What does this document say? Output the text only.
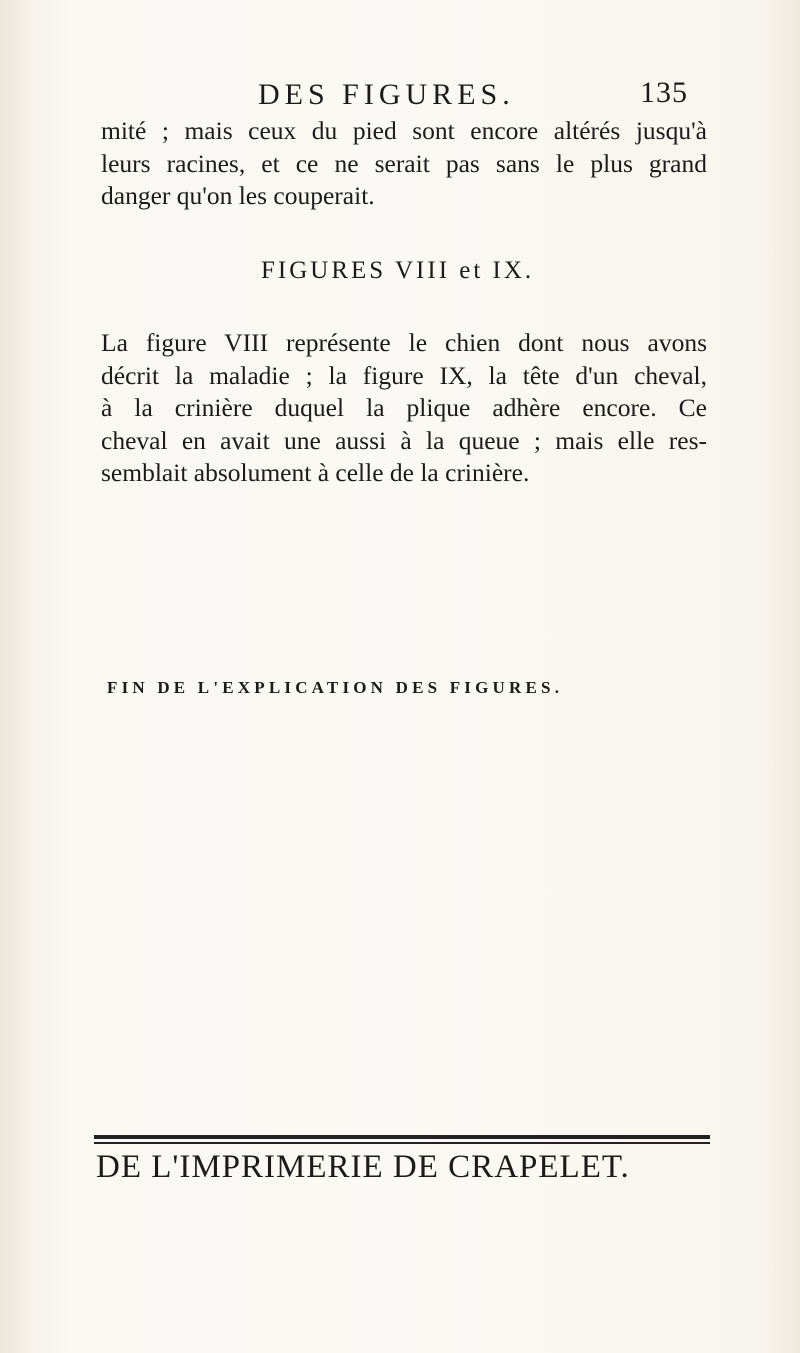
DES FIGURES.	135
mité ; mais ceux du pied sont encore altérés jusqu'à
leurs racines, et ce ne serait pas sans le plus grand
danger qu'on les couperait.
FIGURES VIII et IX.
La figure VIII représente le chien dont nous avons
décrit la maladie ; la figure IX, la tête d'un cheval,
à la crinière duquel la plique adhère encore. Ce
cheval en avait une aussi à la queue ; mais elle res-
semblait absolument à celle de la crinière.
FIN DE L'EXPLICATION DES FIGURES.
DE L'IMPRIMERIE DE CRAPELET.
